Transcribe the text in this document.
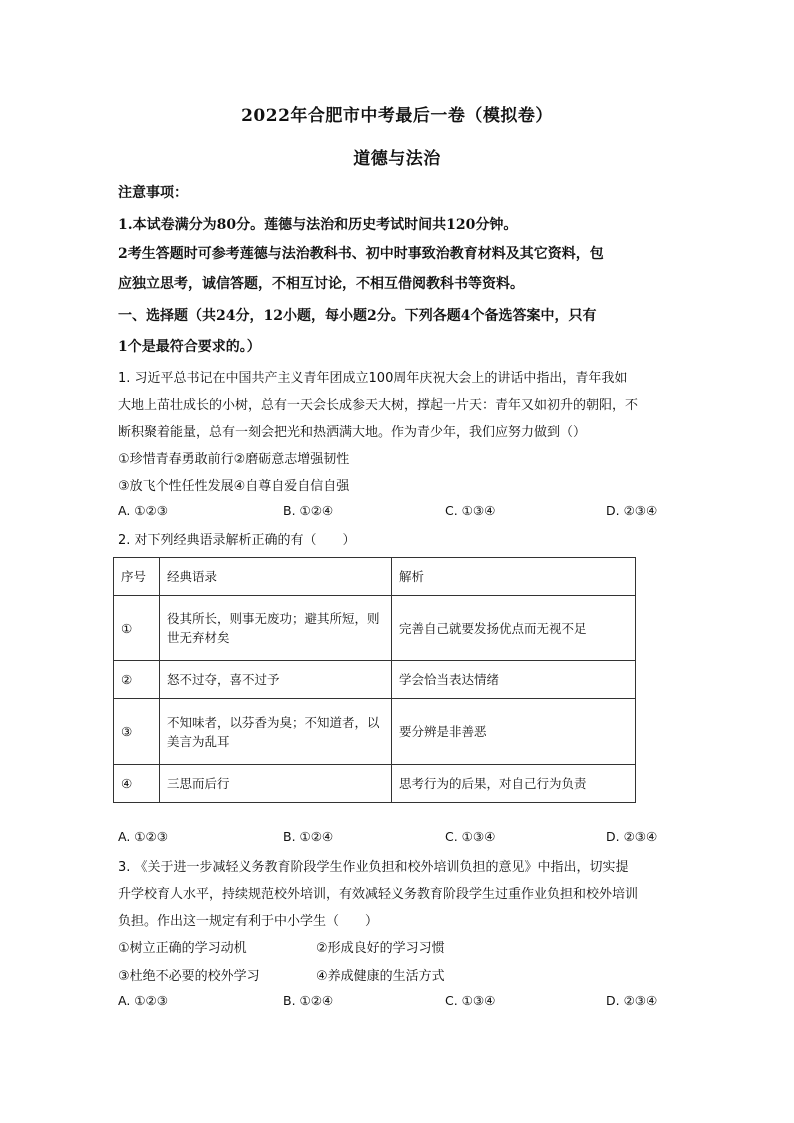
2022年合肥市中考最后一卷（模拟卷）
道德与法治
注意事项：
1.本试卷满分为80分。莲德与法治和历史考试时间共120分钟。
2考生答题时可参考莲德与法治教科书、初中时事致治教育材料及其它资料，包
应独立思考，诚信答题，不相互讨论，不相互借阅教科书等资料。
一、选择题（共24分，12小题，每小题2分。下列各题4个备选答案中，只有
1个是最符合要求的。）
1. 习近平总书记在中国共产主义青年团成立100周年庆祝大会上的讲话中指出，青年我如
大地上苗壮成长的小树，总有一天会长成参天大树，撑起一片天：青年又如初升的朝阳，不
断积聚着能量，总有一刻会把光和热洒满大地。作为青少年，我们应努力做到（）
①珍惜青春勇敢前行②磨砺意志增强韧性
③放飞个性任性发展④自尊自爱自信自强
A. ①②③	B. ①②④	C. ①③④	D. ②③④
2. 对下列经典语录解析正确的有（　　）
序号	经典语录	解析
①	役其所长，则事无废功；避其所短，则世无弃材矣	完善自己就要发扬优点而无视不足
②	怒不过夺，喜不过予	学会恰当表达情绪
③	不知味者，以芬香为臭；不知道者，以美言为乱耳	要分辨是非善恶
④	三思而后行	思考行为的后果，对自己行为负责
A. ①②③	B. ①②④	C. ①③④	D. ②③④
3. 《关于进一步减轻义务教育阶段学生作业负担和校外培训负担的意见》中指出，切实提
升学校育人水平，持续规范校外培训，有效减轻义务教育阶段学生过重作业负担和校外培训
负担。作出这一规定有利于中小学生（　　）
①树立正确的学习动机	②形成良好的学习习惯
③杜绝不必要的校外学习	④养成健康的生活方式
A. ①②③	B. ①②④	C. ①③④	D. ②③④
